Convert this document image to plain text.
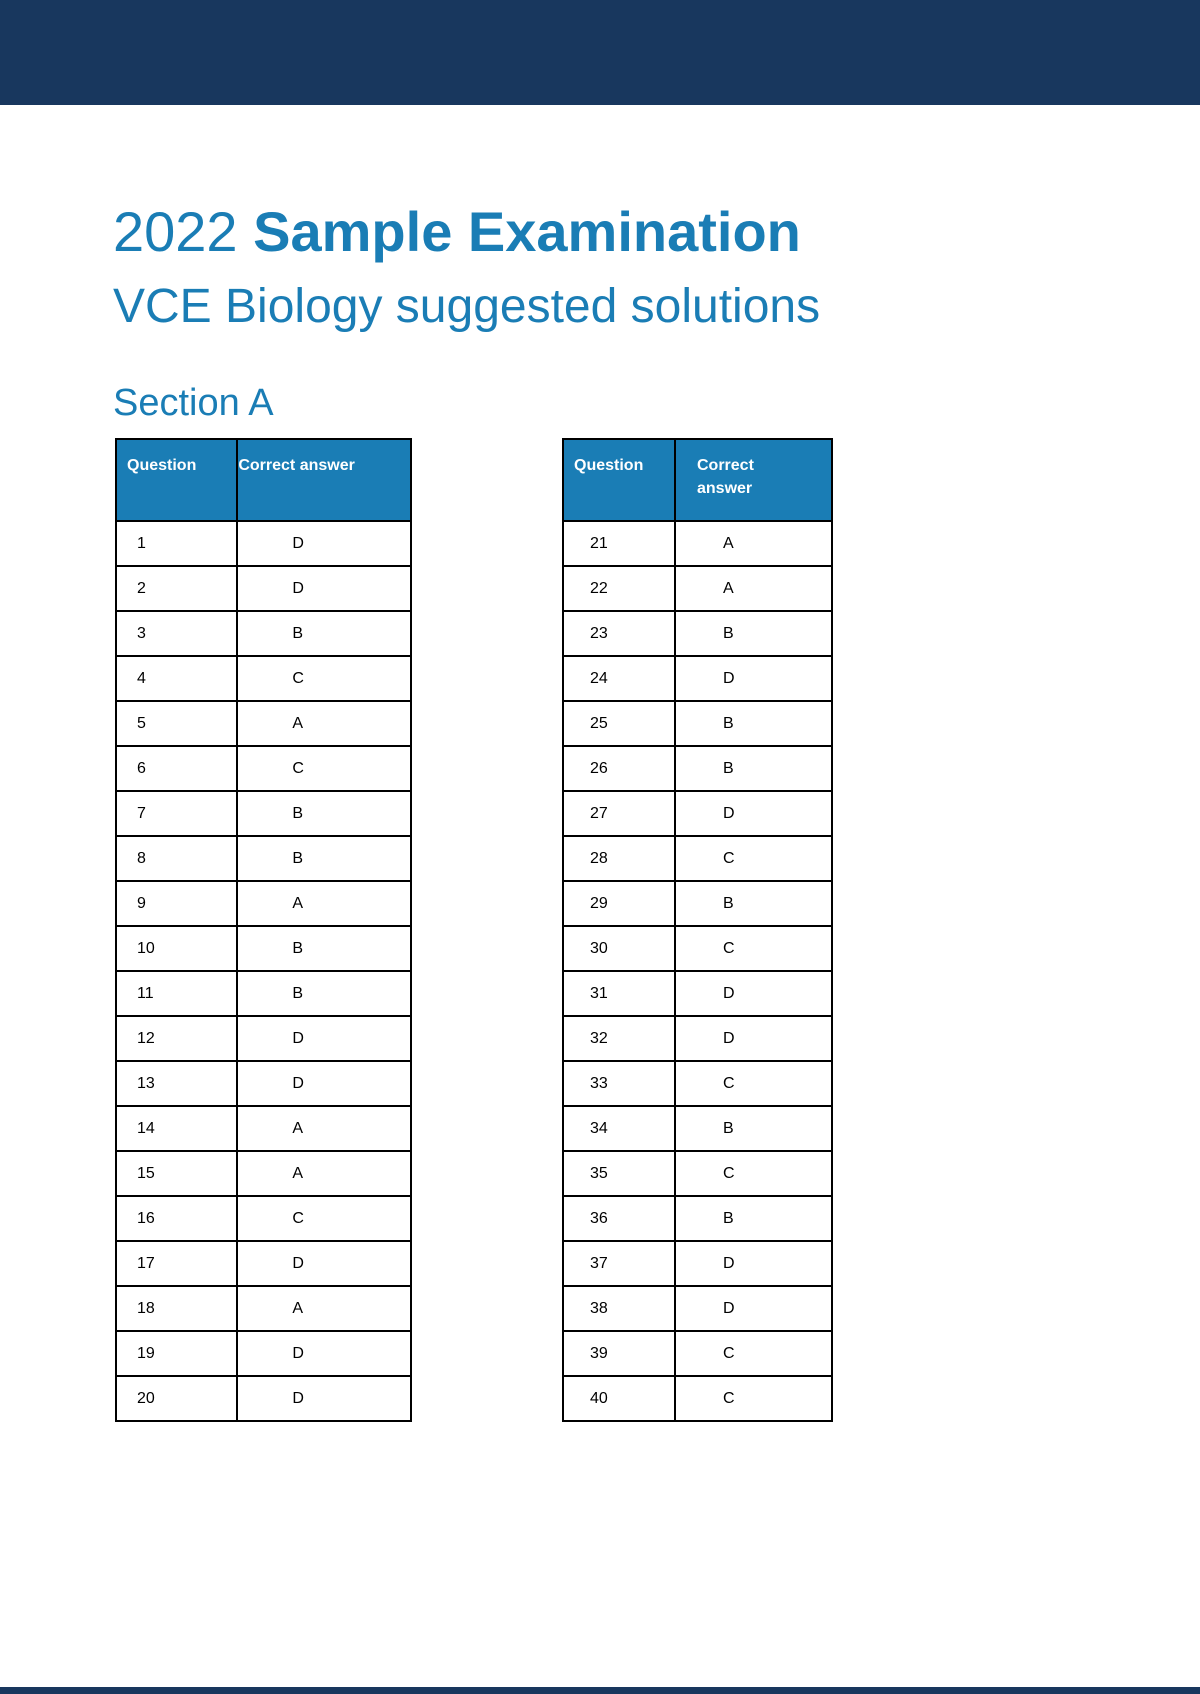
2022 Sample Examination
VCE Biology suggested solutions
Section A
Question	Correct answer
1	D
2	D
3	B
4	C
5	A
6	C
7	B
8	B
9	A
10	B
11	B
12	D
13	D
14	A
15	A
16	C
17	D
18	A
19	D
20	D
Question	Correct answer
21	A
22	A
23	B
24	D
25	B
26	B
27	D
28	C
29	B
30	C
31	D
32	D
33	C
34	B
35	C
36	B
37	D
38	D
39	C
40	C
